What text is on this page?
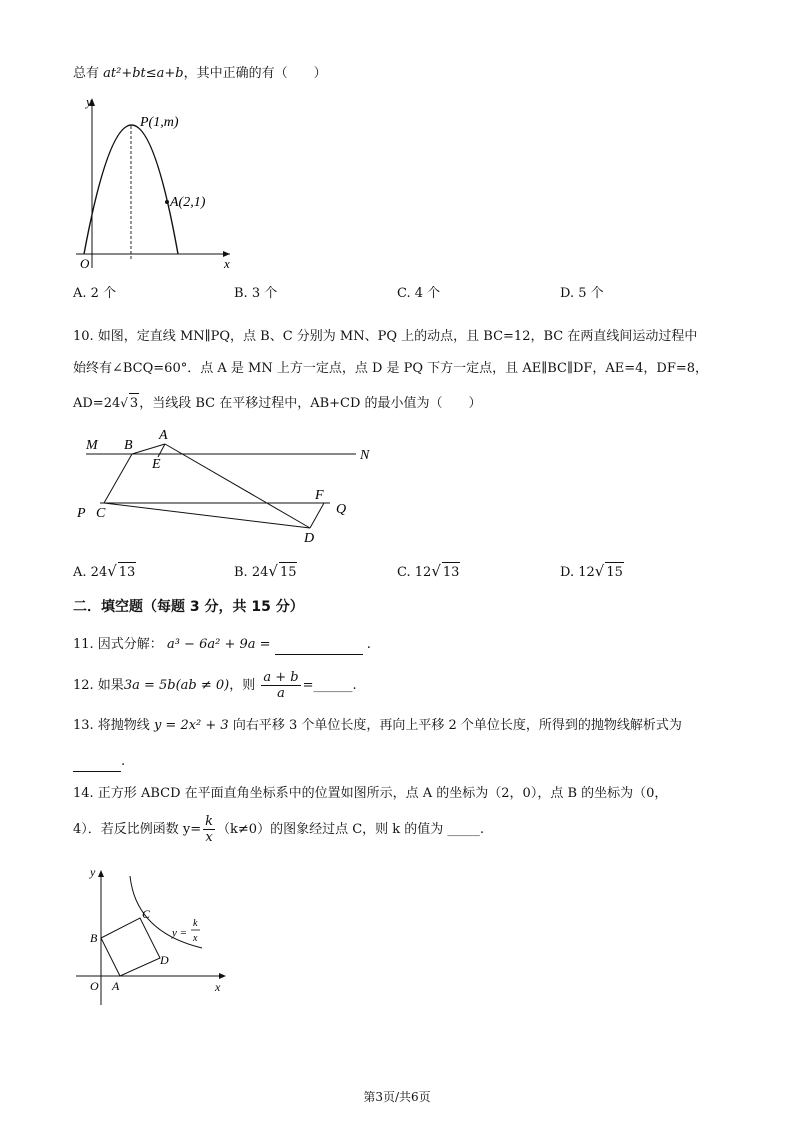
总有 at²+bt≤a+b，其中正确的有（　　）
y
x
O
P(1,m)
A(2,1)
A. 2 个	B. 3 个	C. 4 个	D. 5 个
10. 如图，定直线 MN∥PQ，点 B、C 分别为 MN、PQ 上的动点，且 BC=12，BC 在两直线间运动过程中
始终有∠BCQ=60°．点 A 是 MN 上方一定点，点 D 是 PQ 下方一定点，且 AE∥BC∥DF，AE=4，DF=8，
AD=24√ 3，当线段 BC 在平移过程中，AB+CD 的最小值为（　　）
M B
A
E
N
F
P C	Q
D
A. 24√ 13	B. 24√ 15	C. 12√ 13	D. 12√ 15
二．填空题（每题 3 分，共 15 分）
11. 因式分解： a³ − 6a² + 9a =	.
12. 如果3a = 5b(ab ≠ 0)，则 $\frac{a + b}{a}$ =______.
13. 将抛物线 y = 2x² + 3 向右平移 3 个单位长度，再向上平移 2 个单位长度，所得到的抛物线解析式为
.
14. 正方形 ABCD 在平面直角坐标系中的位置如图所示，点 A 的坐标为（2，0），点 B 的坐标为（0，
4）．若反比例函数 $y= \frac{k}{x} (k\ne 0)$的图象经过点 C，则 k 的值为 _____.
y
x
O A
B
C
D
y =
k
x
第3页/共6页
